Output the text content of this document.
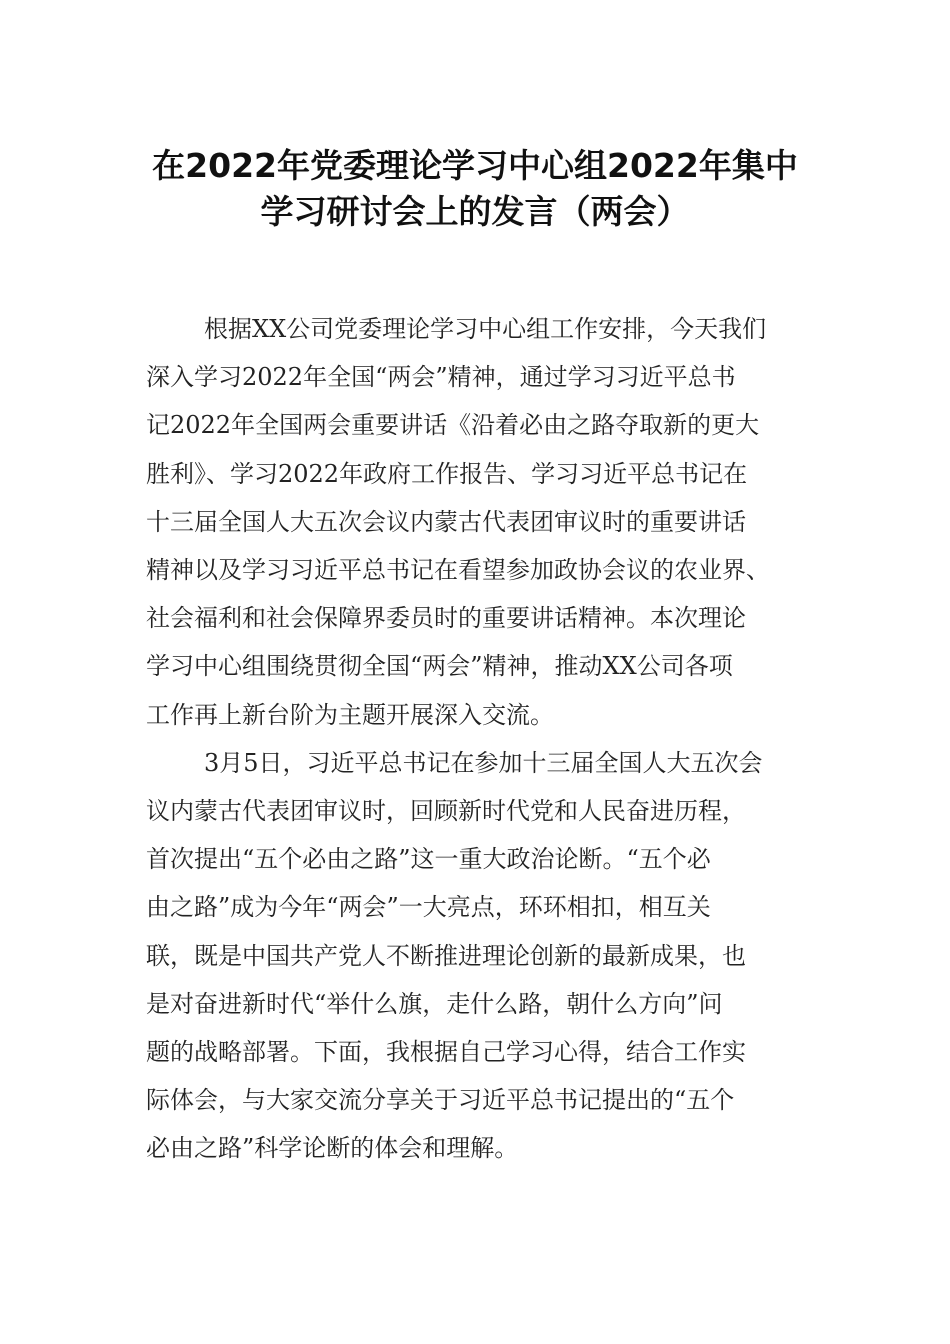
在2022年党委理论学习中心组2022年集中
学习研讨会上的发言（两会）

根据XX公司党委理论学习中心组工作安排，今天我们
深入学习2022年全国“两会”精神，通过学习习近平总书
记2022年全国两会重要讲话《沿着必由之路夺取新的更大
胜利》、学习2022年政府工作报告、学习习近平总书记在
十三届全国人大五次会议内蒙古代表团审议时的重要讲话
精神以及学习习近平总书记在看望参加政协会议的农业界、
社会福利和社会保障界委员时的重要讲话精神。本次理论
学习中心组围绕贯彻全国“两会”精神，推动XX公司各项
工作再上新台阶为主题开展深入交流。

3月5日，习近平总书记在参加十三届全国人大五次会
议内蒙古代表团审议时，回顾新时代党和人民奋进历程，
首次提出“五个必由之路”这一重大政治论断。“五个必
由之路”成为今年“两会”一大亮点，环环相扣，相互关
联，既是中国共产党人不断推进理论创新的最新成果，也
是对奋进新时代“举什么旗，走什么路，朝什么方向”问
题的战略部署。下面，我根据自己学习心得，结合工作实
际体会，与大家交流分享关于习近平总书记提出的“五个
必由之路”科学论断的体会和理解。
